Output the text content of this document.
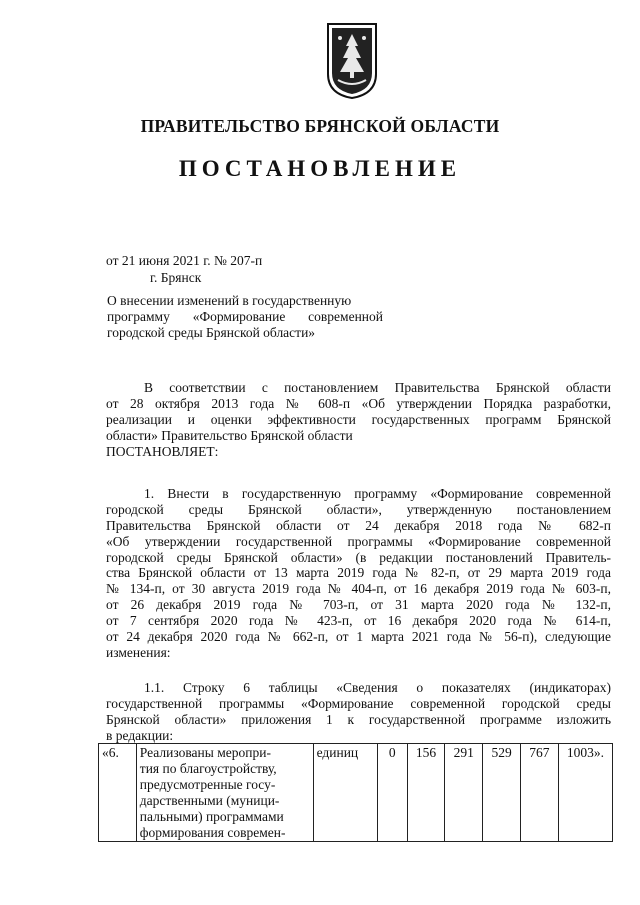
ПРАВИТЕЛЬСТВО БРЯНСКОЙ ОБЛАСТИ
ПОСТАНОВЛЕНИЕ
от 21 июня 2021 г. № 207-п
г. Брянск
О внесении изменений в государственную
программу «Формирование современной
городской среды Брянской области»
В соответствии с постановлением Правительства Брянской области
от 28 октября 2013 года № 608-п «Об утверждении Порядка разработки,
реализации и оценки эффективности государственных программ Брянской
области» Правительство Брянской области
ПОСТАНОВЛЯЕТ:
1. Внести в государственную программу «Формирование современной
городской среды Брянской области», утвержденную постановлением
Правительства Брянской области от 24 декабря 2018 года № 682-п
«Об утверждении государственной программы «Формирование современной
городской среды Брянской области» (в редакции постановлений Правитель-
ства Брянской области от 13 марта 2019 года № 82-п, от 29 марта 2019 года
№ 134-п, от 30 августа 2019 года № 404-п, от 16 декабря 2019 года № 603-п,
от 26 декабря 2019 года № 703-п, от 31 марта 2020 года № 132-п,
от 7 сентября 2020 года № 423-п, от 16 декабря 2020 года № 614-п,
от 24 декабря 2020 года № 662-п, от 1 марта 2021 года № 56-п), следующие
изменения:
1.1. Строку 6 таблицы «Сведения о показателях (индикаторах)
государственной программы «Формирование современной городской среды
Брянской области» приложения 1 к государственной программе изложить
в редакции:
«6.	Реализованы меропри-
тия по благоустройству,
предусмотренные госу-
дарственными (муници-
пальными) программами
формирования современ-
	единиц	0	156	291	529	767	1003».
